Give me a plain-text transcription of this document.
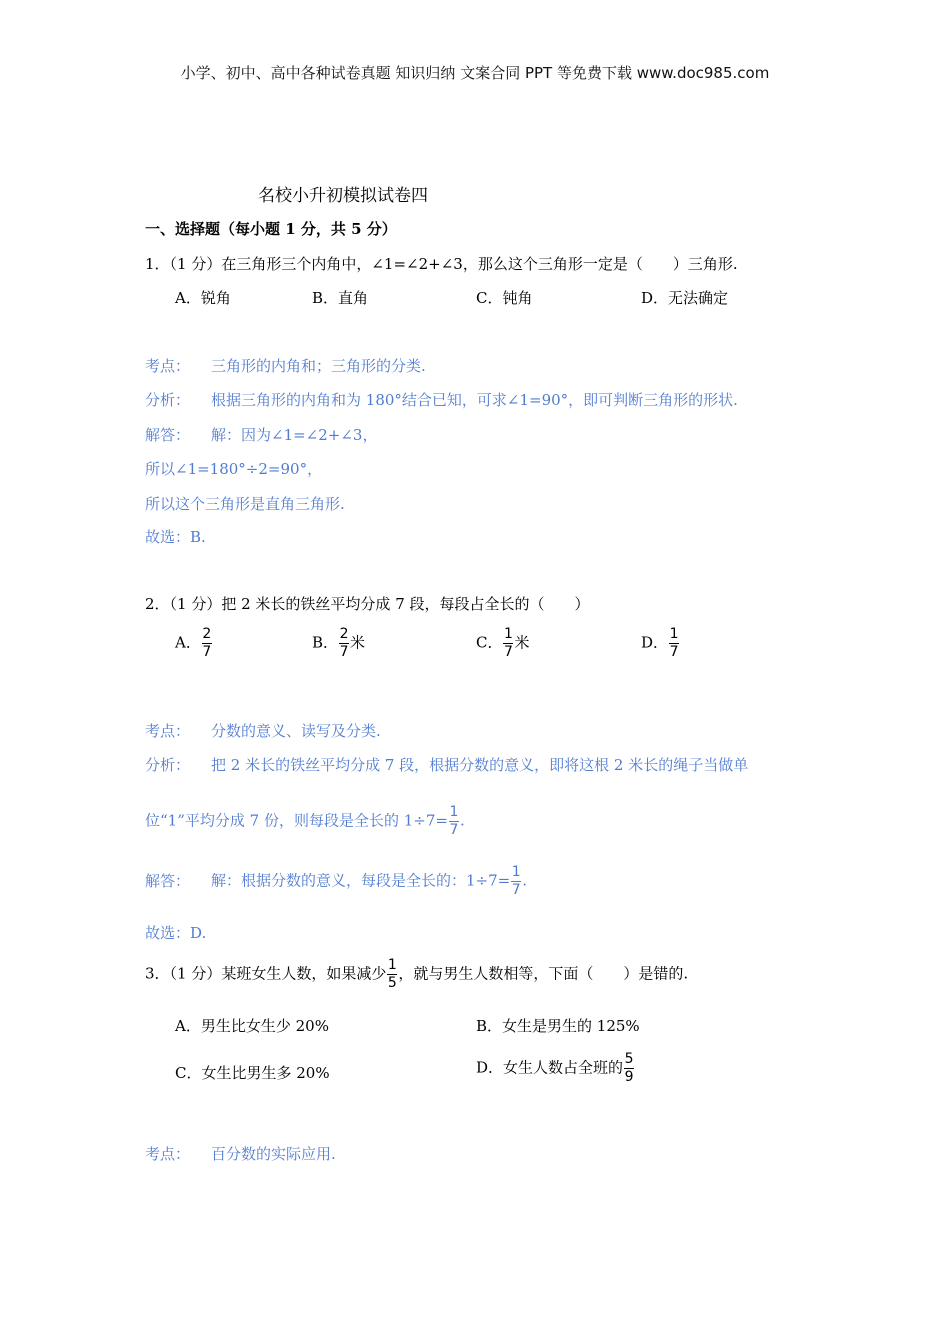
小学、初中、高中各种试卷真题 知识归纳 文案合同 PPT 等免费下载 www.doc985.com
名校小升初模拟试卷四
一、选择题（每小题 1 分，共 5 分）
1．（1 分）在三角形三个内角中，∠1=∠2+∠3，那么这个三角形一定是（　　）三角形.
A．锐角	B．直角	C．钝角	D．无法确定
考点： 三角形的内角和；三角形的分类.
分析： 根据三角形的内角和为 180°结合已知，可求∠1=90°，即可判断三角形的形状.
解答： 解：因为∠1=∠2+∠3，
所以∠1=180°÷2=90°，
所以这个三角形是直角三角形.
故选：B.
2．（1 分）把 2 米长的铁丝平均分成 7 段，每段占全长的（　　）
A． $\frac{2}{7}$	B． $\frac{2}{7}$ 米	C． $\frac{1}{7}$ 米	D． $\frac{1}{7}$
考点： 分数的意义、读写及分类.
分析： 把 2 米长的铁丝平均分成 7 段，根据分数的意义，即将这根 2 米长的绳子当做单
位“1”平均分成 7 份，则每段是全长的 $1\div 7= \frac{1}{7}$ .
解答： 解：根据分数的意义，每段是全长的：$1\div 7= \frac{1}{7}$ .
故选：D.
3．（1 分）某班女生人数，如果减少 $\frac{1}{5}$ ，就与男生人数相等，下面（　　）是错的.
A．男生比女生少 20%	B．女生是男生的 125%
C．女生比男生多 20%	D．女生人数占全班的 $\frac{5}{9}$
考点： 百分数的实际应用.
